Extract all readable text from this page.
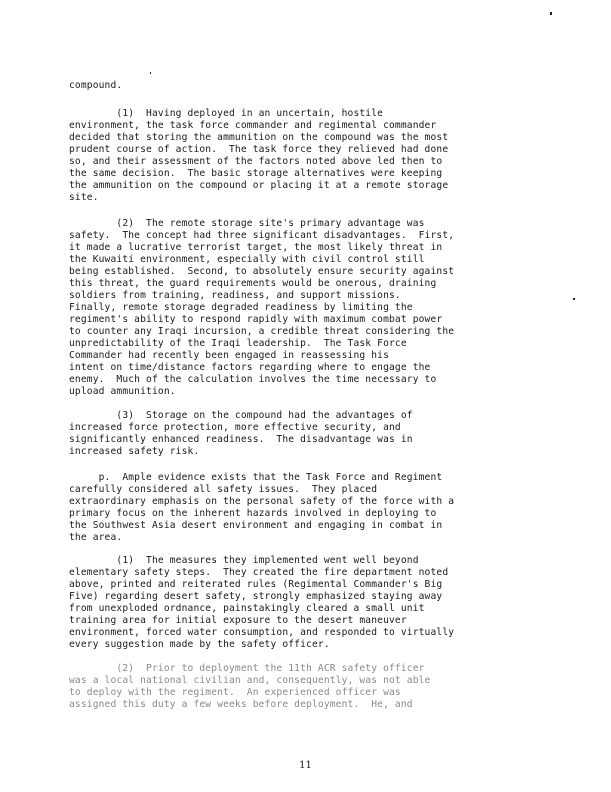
compound.
(1)  Having deployed in an uncertain, hostile
environment, the task force commander and regimental commander
decided that storing the ammunition on the compound was the most
prudent course of action.  The task force they relieved had done
so, and their assessment of the factors noted above led then to
the same decision.  The basic storage alternatives were keeping
the ammunition on the compound or placing it at a remote storage
site.
(2)  The remote storage site's primary advantage was
safety.  The concept had three significant disadvantages.  First,
it made a lucrative terrorist target, the most likely threat in
the Kuwaiti environment, especially with civil control still
being established.  Second, to absolutely ensure security against
this threat, the guard requirements would be onerous, draining
soldiers from training, readiness, and support missions.
Finally, remote storage degraded readiness by limiting the
regiment's ability to respond rapidly with maximum combat power
to counter any Iraqi incursion, a credible threat considering the
unpredictability of the Iraqi leadership.  The Task Force
Commander had recently been engaged in reassessing his
intent on time/distance factors regarding where to engage the
enemy.  Much of the calculation involves the time necessary to
upload ammunition.
(3)  Storage on the compound had the advantages of
increased force protection, more effective security, and
significantly enhanced readiness.  The disadvantage was in
increased safety risk.
p.  Ample evidence exists that the Task Force and Regiment
carefully considered all safety issues.  They placed
extraordinary emphasis on the personal safety of the force with a
primary focus on the inherent hazards involved in deploying to
the Southwest Asia desert environment and engaging in combat in
the area.
(1)  The measures they implemented went well beyond
elementary safety steps.  They created the fire department noted
above, printed and reiterated rules (Regimental Commander's Big
Five) regarding desert safety, strongly emphasized staying away
from unexploded ordnance, painstakingly cleared a small unit
training area for initial exposure to the desert maneuver
environment, forced water consumption, and responded to virtually
every suggestion made by the safety officer.
(2)  Prior to deployment the 11th ACR safety officer
was a local national civilian and, consequently, was not able
to deploy with the regiment.  An experienced officer was
assigned this duty a few weeks before deployment.  He, and
11
